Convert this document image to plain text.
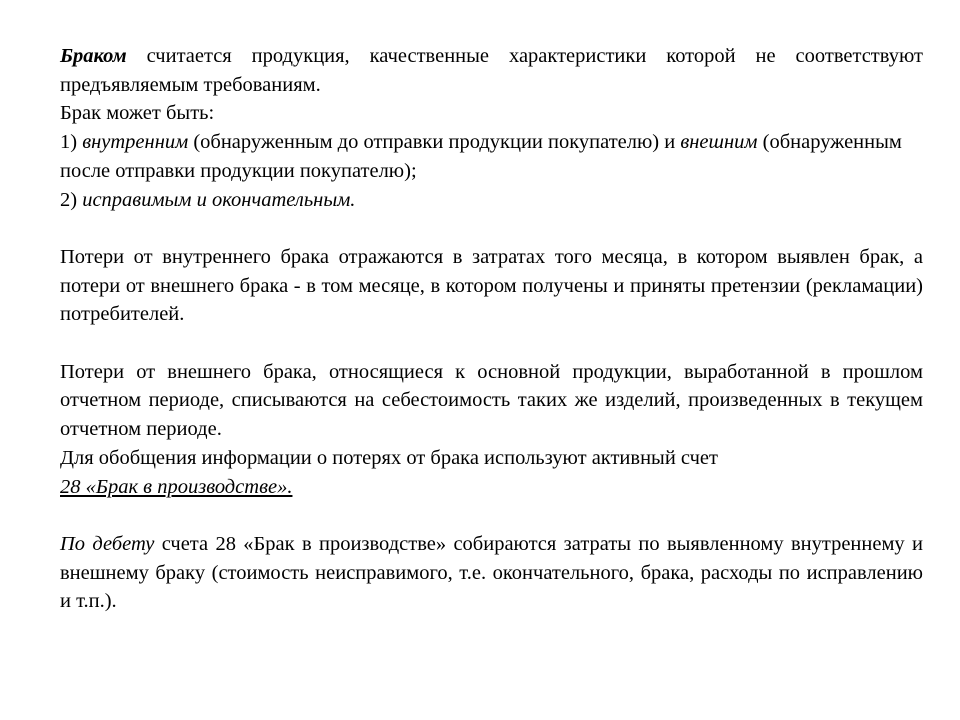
Браком считается продукция, качественные характеристики которой не соответствуют предъявляемым требованиям.

Брак может быть:

1) внутренним (обнаруженным до отправки продукции покупателю) и внешним (обнаруженным после отправки продукции покупателю);

2) исправимым и окончательным.

Потери от внутреннего брака отражаются в затратах того месяца, в котором выявлен брак, а потери от внешнего брака - в том месяце, в котором получены и приняты претензии (рекламации) потребителей.

Потери от внешнего брака, относящиеся к основной продукции, выработанной в прошлом отчетном периоде, списываются на себестоимость таких же изделий, произведенных в текущем отчетном периоде.

Для обобщения информации о потерях от брака используют активный счет

28 «Брак в производстве».

По дебету счета 28 «Брак в производстве» собираются затраты по выявленному внутреннему и внешнему браку (стоимость неисправимого, т.е. окончательного, брака, расходы по исправлению и т.п.).
